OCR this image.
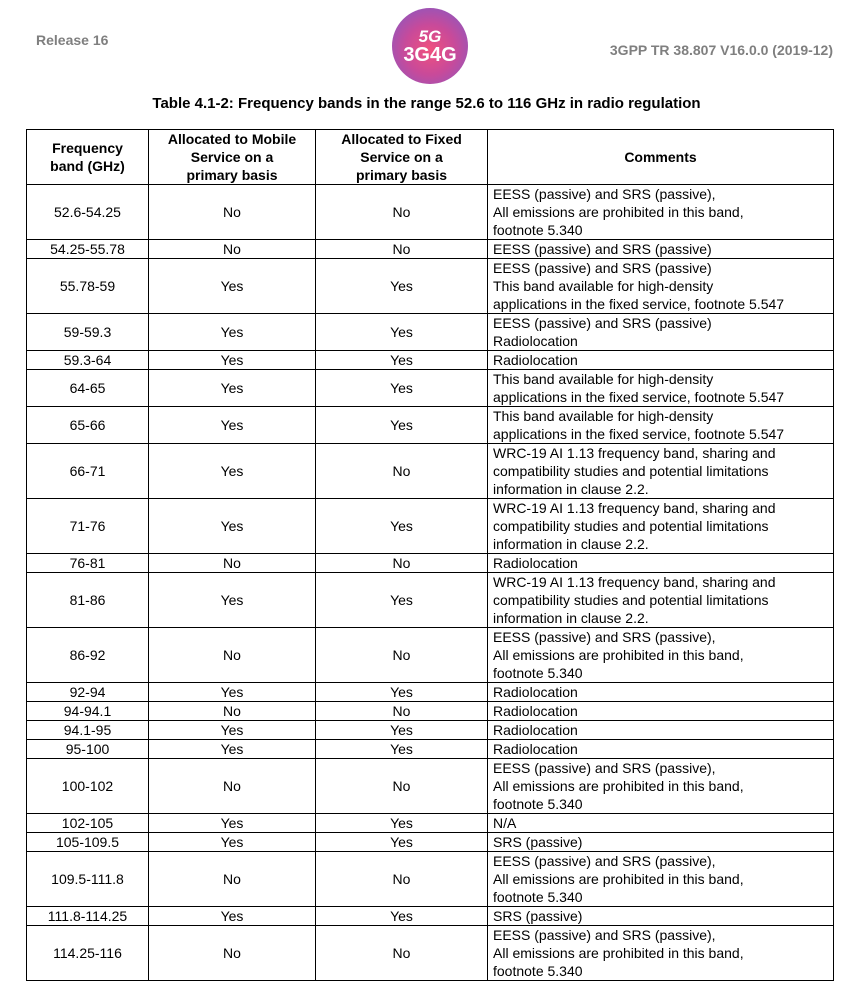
Release 16	5G
3G4G	3GPP TR 38.807 V16.0.0 (2019-12)
Table 4.1-2: Frequency bands in the range 52.6 to 116 GHz in radio regulation
Frequency
band (GHz)	Allocated to Mobile
Service on a
primary basis	Allocated to Fixed
Service on a
primary basis	Comments
52.6-54.25	No	No	EESS (passive) and SRS (passive),
All emissions are prohibited in this band,
footnote 5.340
54.25-55.78	No	No	EESS (passive) and SRS (passive)
55.78-59	Yes	Yes	EESS (passive) and SRS (passive)
This band available for high-density
applications in the fixed service, footnote 5.547
59-59.3	Yes	Yes	EESS (passive) and SRS (passive)
Radiolocation
59.3-64	Yes	Yes	Radiolocation
64-65	Yes	Yes	This band available for high-density
applications in the fixed service, footnote 5.547
65-66	Yes	Yes	This band available for high-density
applications in the fixed service, footnote 5.547
66-71	Yes	No	WRC-19 AI 1.13 frequency band, sharing and
compatibility studies and potential limitations
information in clause 2.2.
71-76	Yes	Yes	WRC-19 AI 1.13 frequency band, sharing and
compatibility studies and potential limitations
information in clause 2.2.
76-81	No	No	Radiolocation
81-86	Yes	Yes	WRC-19 AI 1.13 frequency band, sharing and
compatibility studies and potential limitations
information in clause 2.2.
86-92	No	No	EESS (passive) and SRS (passive),
All emissions are prohibited in this band,
footnote 5.340
92-94	Yes	Yes	Radiolocation
94-94.1	No	No	Radiolocation
94.1-95	Yes	Yes	Radiolocation
95-100	Yes	Yes	Radiolocation
100-102	No	No	EESS (passive) and SRS (passive),
All emissions are prohibited in this band,
footnote 5.340
102-105	Yes	Yes	N/A
105-109.5	Yes	Yes	SRS (passive)
109.5-111.8	No	No	EESS (passive) and SRS (passive),
All emissions are prohibited in this band,
footnote 5.340
111.8-114.25	Yes	Yes	SRS (passive)
114.25-116	No	No	EESS (passive) and SRS (passive),
All emissions are prohibited in this band,
footnote 5.340
